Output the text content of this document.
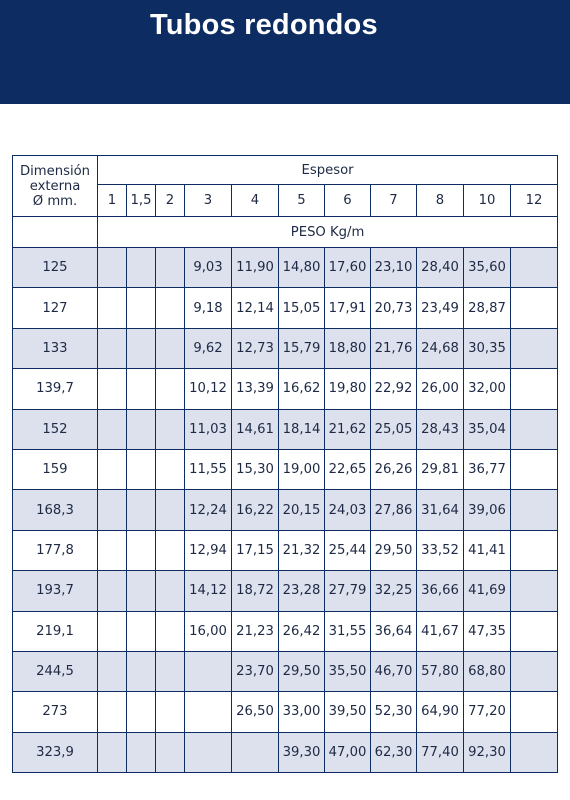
Tubos redondos
Dimensión
externa
Ø mm.	Espesor										
	1	1,5	2	3	4	5	6	7	8	10	12
	PESO Kg/m										
125				9,03	11,90	14,80	17,60	23,10	28,40	35,60	
127				9,18	12,14	15,05	17,91	20,73	23,49	28,87	
133				9,62	12,73	15,79	18,80	21,76	24,68	30,35	
139,7				10,12	13,39	16,62	19,80	22,92	26,00	32,00	
152				11,03	14,61	18,14	21,62	25,05	28,43	35,04	
159				11,55	15,30	19,00	22,65	26,26	29,81	36,77	
168,3				12,24	16,22	20,15	24,03	27,86	31,64	39,06	
177,8				12,94	17,15	21,32	25,44	29,50	33,52	41,41	
193,7				14,12	18,72	23,28	27,79	32,25	36,66	41,69	
219,1				16,00	21,23	26,42	31,55	36,64	41,67	47,35	
244,5					23,70	29,50	35,50	46,70	57,80	68,80	
273					26,50	33,00	39,50	52,30	64,90	77,20	
323,9						39,30	47,00	62,30	77,40	92,30	
